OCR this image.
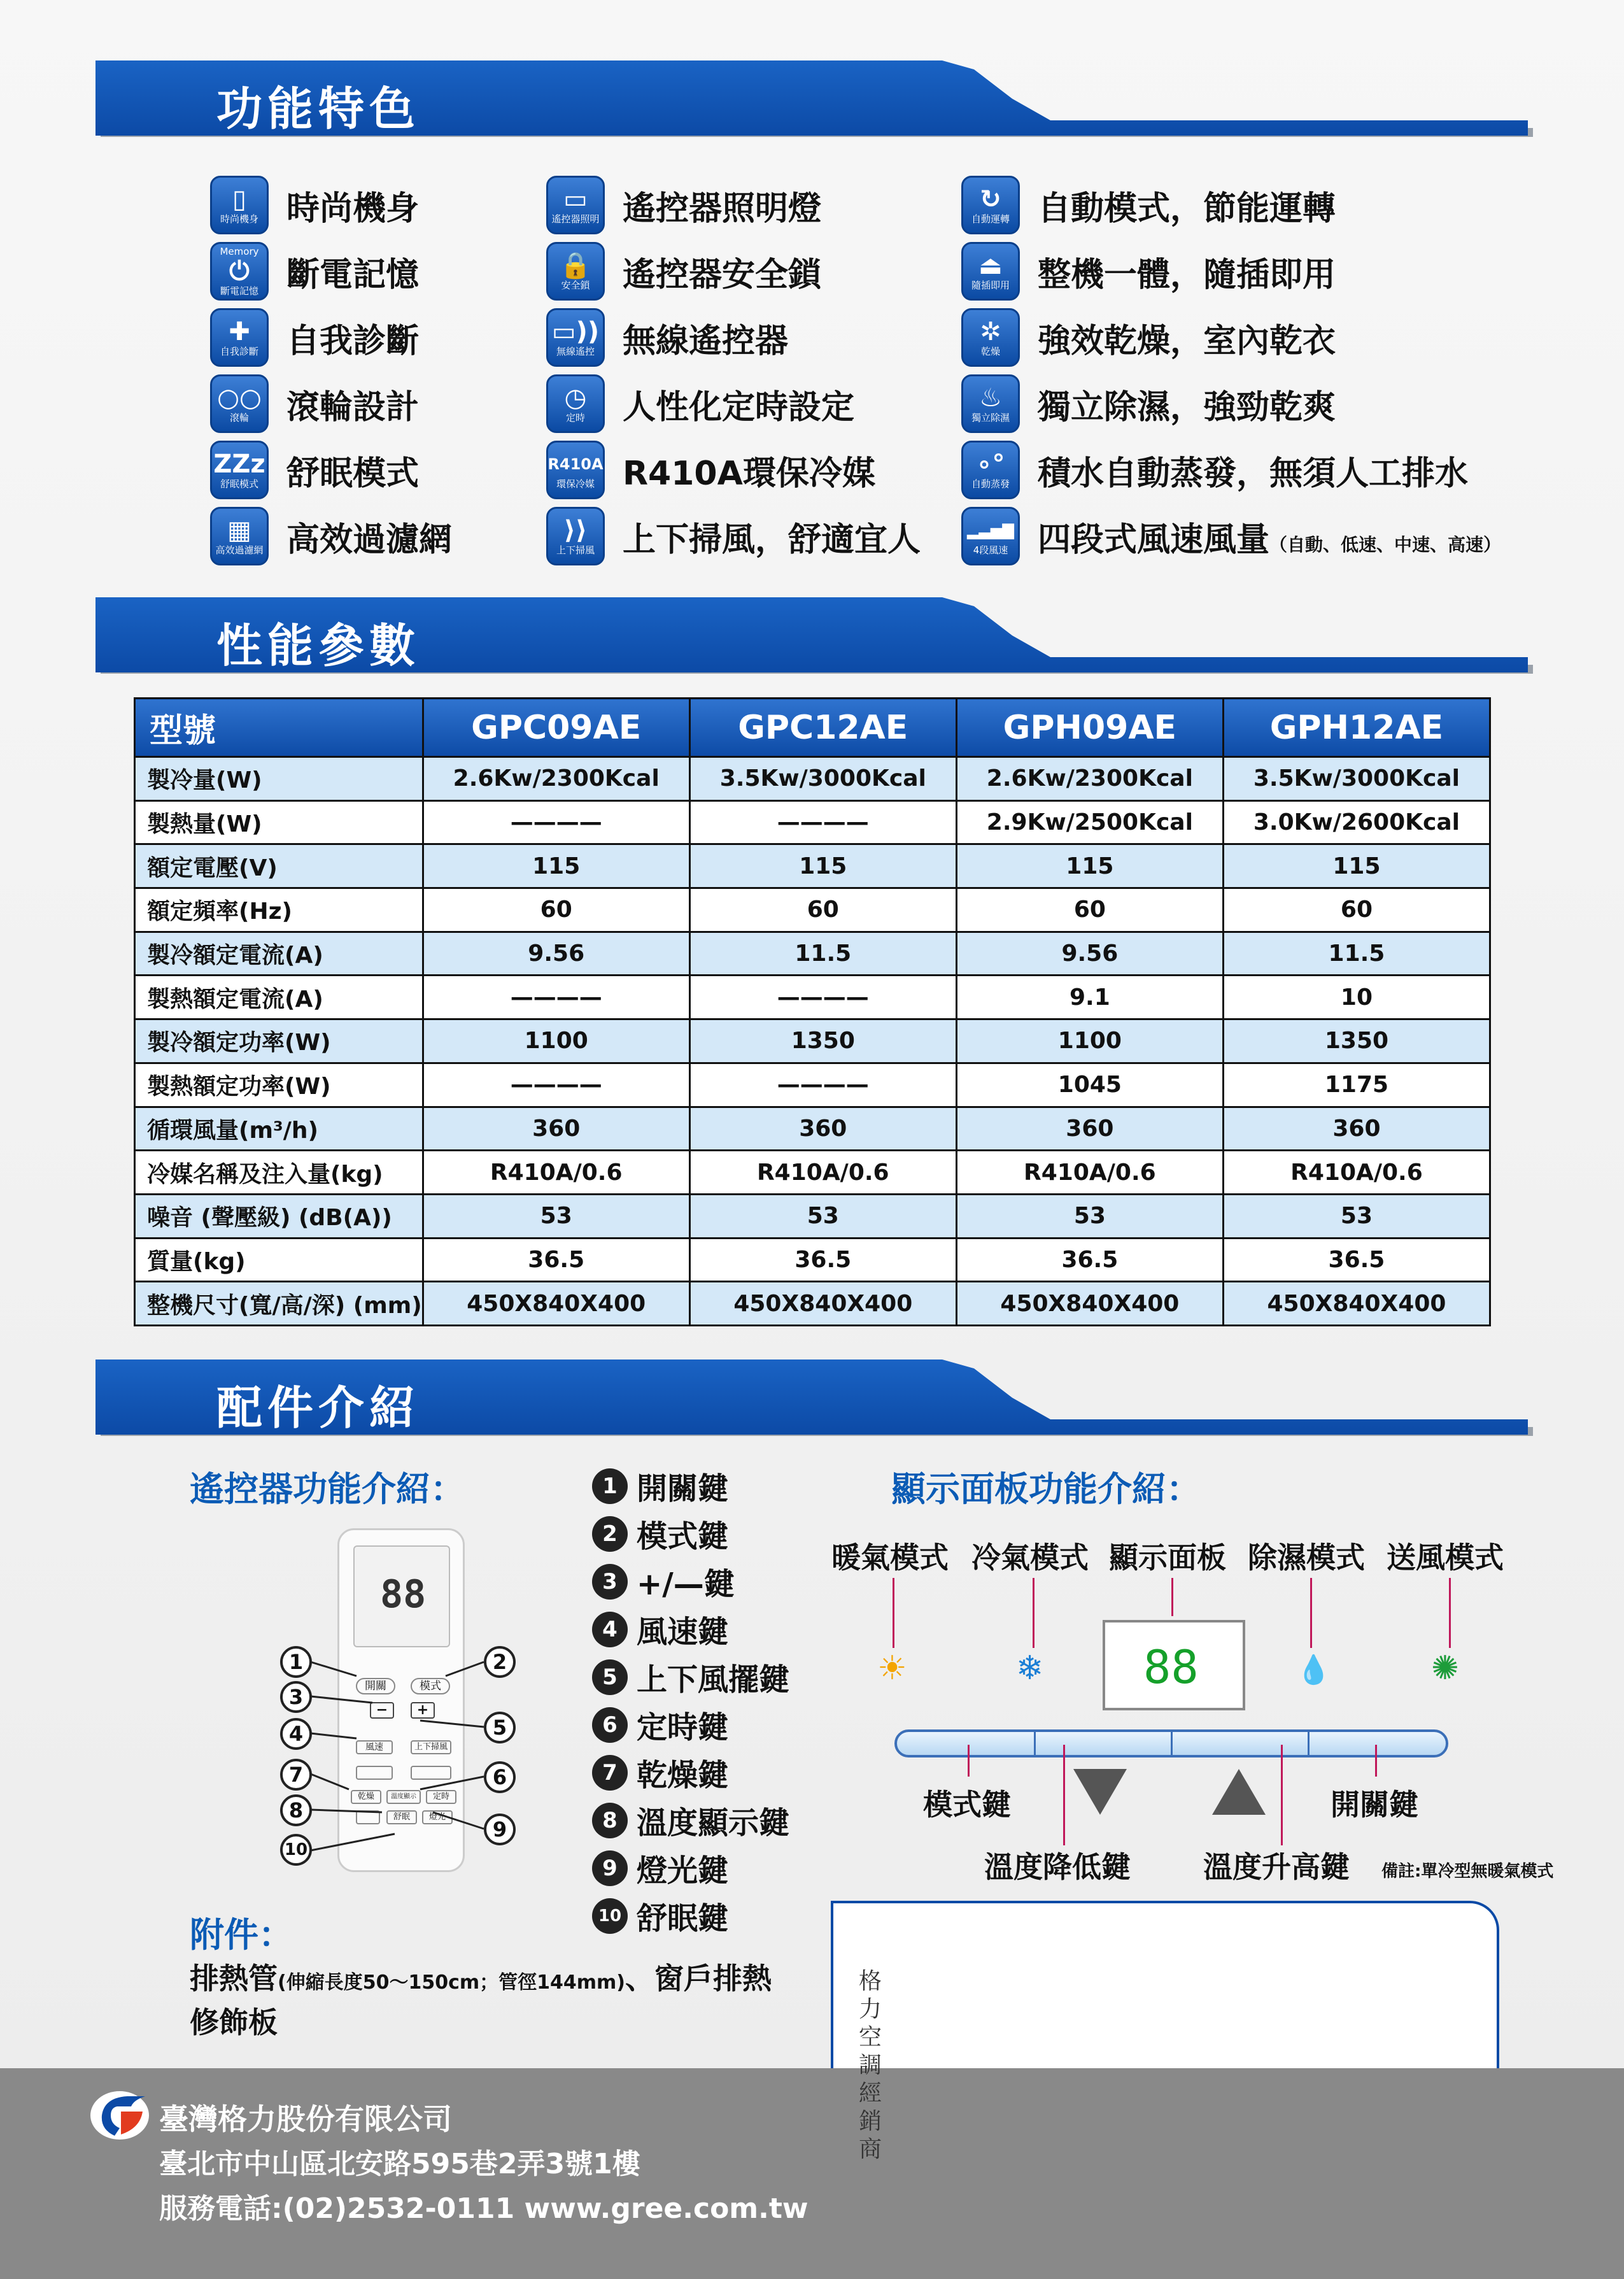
功能特色
性能參數
配件介紹
▯
時尚機身 時尚機身
Memory
⏻
斷電記憶 斷電記憶
✚
自我診斷 自我診斷
○○
滾輪 滾輪設計
ZZz
舒眠模式 舒眠模式
▦
高效過濾網 高效過濾網
▭
遙控器照明 遙控器照明燈
🔒
安全鎖 遙控器安全鎖
▭))
無線遙控 無線遙控器
◷
定時 人性化定時設定
R410A
環保冷媒 R410A環保冷媒
⟩⟩
上下掃風 上下掃風，舒適宜人
↻
自動運轉 自動模式，節能運轉
⏏
隨插即用 整機一體，隨插即用
✲
乾燥 強效乾燥，室內乾衣
♨
獨立除濕 獨立除濕，強勁乾爽
∘°
自動蒸發 積水自動蒸發，無須人工排水
▂▃▅▇
4段風速 四段式風速風量（自動、低速、中速、高速）
型號	GPC09AE	GPC12AE	GPH09AE	GPH12AE
製冷量(W)	2.6Kw/2300Kcal	3.5Kw/3000Kcal	2.6Kw/2300Kcal	3.5Kw/3000Kcal
製熱量(W)	————	————	2.9Kw/2500Kcal	3.0Kw/2600Kcal
額定電壓(V)	115	115	115	115
額定頻率(Hz)	60	60	60	60
製冷額定電流(A)	9.56	11.5	9.56	11.5
製熱額定電流(A)	————	————	9.1	10
製冷額定功率(W)	1100	1350	1100	1350
製熱額定功率(W)	————	————	1045	1175
循環風量(m³/h)	360	360	360	360
冷媒名稱及注入量(kg)	R410A/0.6	R410A/0.6	R410A/0.6	R410A/0.6
噪音 (聲壓級) (dB(A))	53	53	53	53
質量(kg)	36.5	36.5	36.5	36.5
整機尺寸(寬/高/深) (mm)	450X840X400	450X840X400	450X840X400	450X840X400
遙控器功能介紹：	1 開關鍵
2 模式鍵
3 +/—鍵
4 風速鍵
5 上下風擺鍵
6 定時鍵
7 乾燥鍵
8 溫度顯示鍵
9 燈光鍵
10 舒眠鍵
88
開關	模式
−	+
風速	上下掃風
乾燥	溫度顯示	定時
舒眠	燈光
1	2
3
5
4
7	6
8
9
10
顯示面板功能介紹：
暖氣模式 冷氣模式 顯示面板 除濕模式 送風模式
☀	❄ 88	💧	✺
模式鍵	開關鍵
溫度降低鍵 溫度升高鍵 備註:單冷型無暖氣模式
附件：
排熱管(伸縮長度50～150cm；管徑144mm)、窗戶排熱
修飾板
格力空調經銷商
臺灣格力股份有限公司
臺北市中山區北安路595巷2弄3號1樓
服務電話:(02)2532-0111 www.gree.com.tw
